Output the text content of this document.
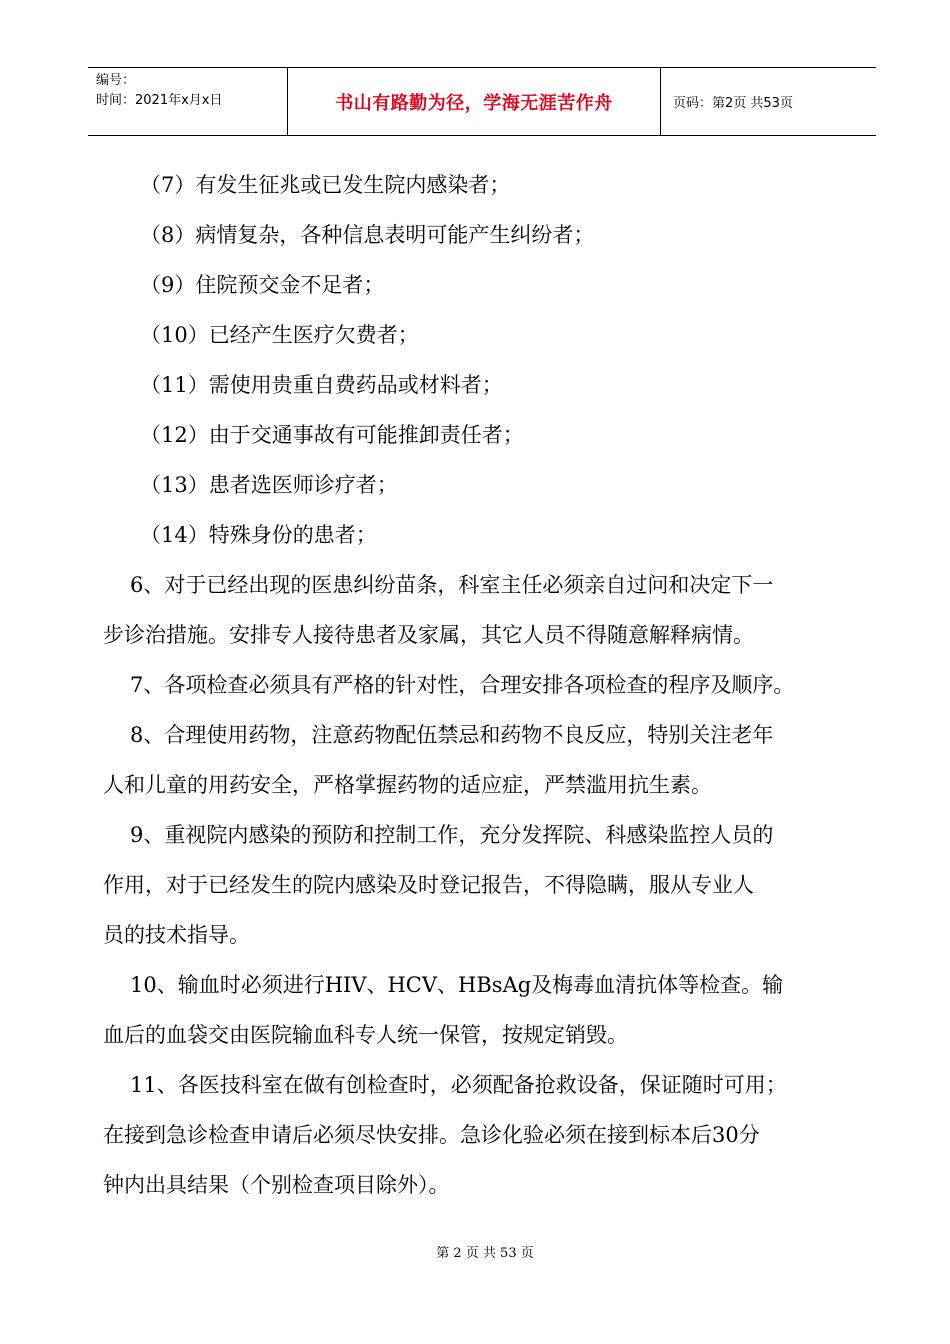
编号：
时间：2021年x月x日	书山有路勤为径，学海无涯苦作舟	页码：第2页 共53页
（7）有发生征兆或已发生院内感染者；
（8）病情复杂，各种信息表明可能产生纠纷者；
（9）住院预交金不足者；
（10）已经产生医疗欠费者；
（11）需使用贵重自费药品或材料者；
（12）由于交通事故有可能推卸责任者；
（13）患者选医师诊疗者；
（14）特殊身份的患者；
6、对于已经出现的医患纠纷苗条，科室主任必须亲自过问和决定下一
步诊治措施。安排专人接待患者及家属，其它人员不得随意解释病情。
7、各项检查必须具有严格的针对性，合理安排各项检查的程序及顺序。
8、合理使用药物，注意药物配伍禁忌和药物不良反应，特别关注老年
人和儿童的用药安全，严格掌握药物的适应症，严禁滥用抗生素。
9、重视院内感染的预防和控制工作，充分发挥院、科感染监控人员的
作用，对于已经发生的院内感染及时登记报告，不得隐瞒，服从专业人
员的技术指导。
10、输血时必须进行HIV、HCV、HBsAg及梅毒血清抗体等检查。输
血后的血袋交由医院输血科专人统一保管，按规定销毁。
11、各医技科室在做有创检查时，必须配备抢救设备，保证随时可用；
在接到急诊检查申请后必须尽快安排。急诊化验必须在接到标本后30分
钟内出具结果（个别检查项目除外）。
第 2 页 共 53 页
